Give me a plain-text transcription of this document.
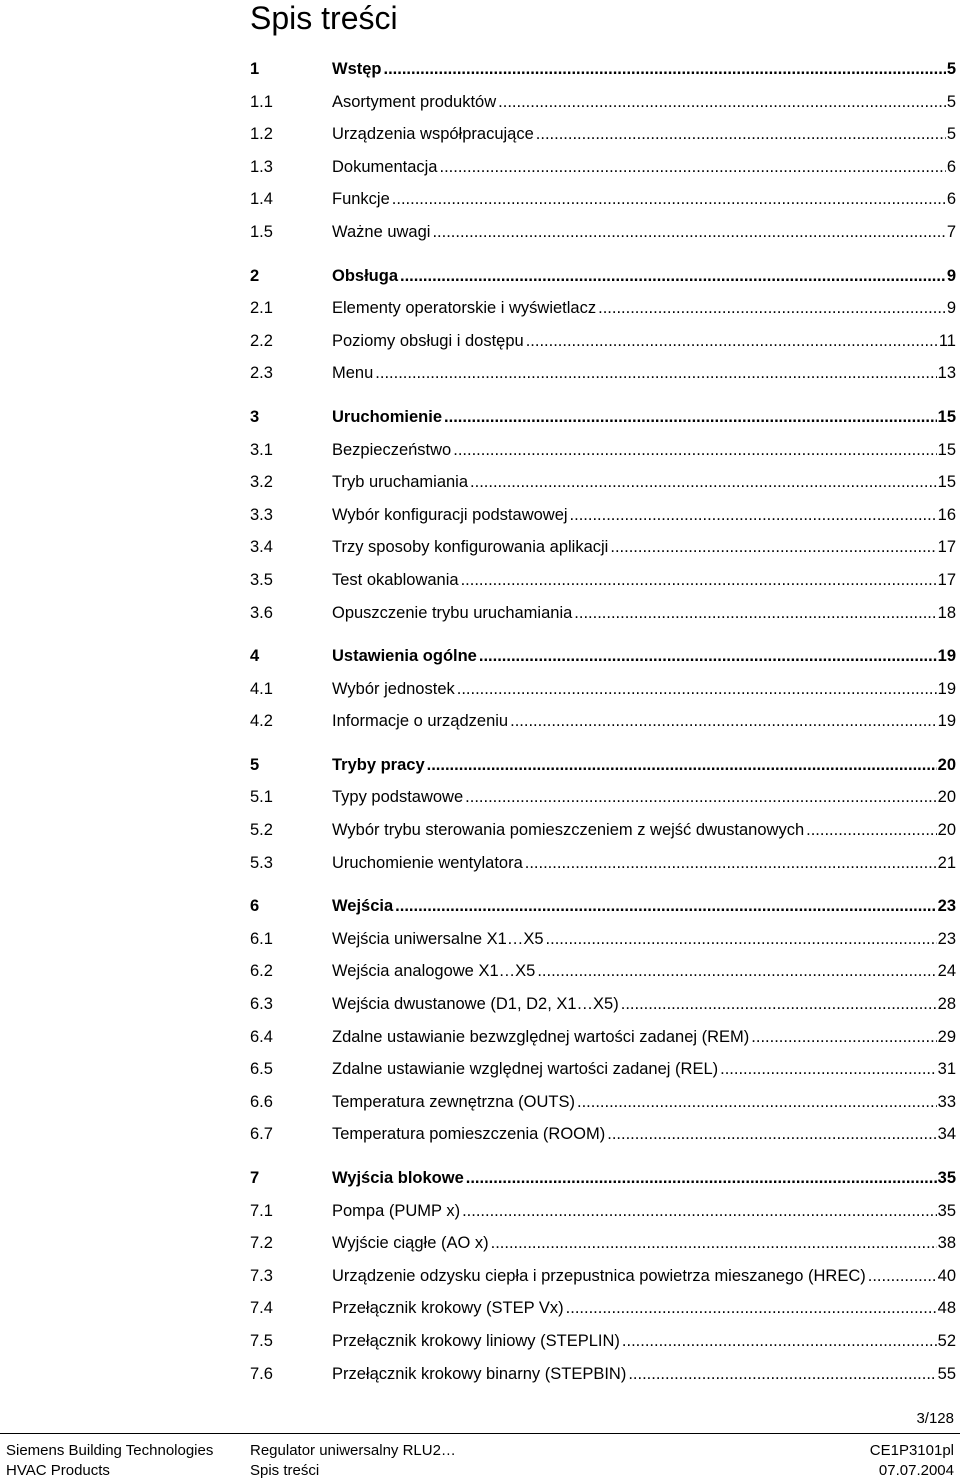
Spis treści
1	Wstęp .....	5
1.1	Asortyment produktów .....	5
1.2	Urządzenia współpracujące .....	5
1.3	Dokumentacja .....	6
1.4	Funkcje .....	6
1.5	Ważne uwagi .....	7
2	Obsługa .....	9
2.1	Elementy operatorskie i wyświetlacz .....	9
2.2	Poziomy obsługi i dostępu .....	11
2.3	Menu .....	13
3	Uruchomienie .....	15
3.1	Bezpieczeństwo .....	15
3.2	Tryb uruchamiania .....	15
3.3	Wybór konfiguracji podstawowej .....	16
3.4	Trzy sposoby konfigurowania aplikacji .....	17
3.5	Test okablowania .....	17
3.6	Opuszczenie trybu uruchamiania .....	18
4	Ustawienia ogólne .....	19
4.1	Wybór jednostek .....	19
4.2	Informacje o urządzeniu .....	19
5	Tryby pracy .....	20
5.1	Typy podstawowe .....	20
5.2	Wybór trybu sterowania pomieszczeniem z wejść dwustanowych .....	20
5.3	Uruchomienie wentylatora .....	21
6	Wejścia .....	23
6.1	Wejścia uniwersalne X1…X5 .....	23
6.2	Wejścia analogowe X1…X5 .....	24
6.3	Wejścia dwustanowe (D1, D2, X1…X5) .....	28
6.4	Zdalne ustawianie bezwzględnej wartości zadanej (REM) .....	29
6.5	Zdalne ustawianie względnej wartości zadanej (REL) .....	31
6.6	Temperatura zewnętrzna (OUTS) .....	33
6.7	Temperatura pomieszczenia (ROOM) .....	34
7	Wyjścia blokowe .....	35
7.1	Pompa (PUMP x) .....	35
7.2	Wyjście ciągłe (AO x) .....	38
7.3	Urządzenie odzysku ciepła i przepustnica powietrza mieszanego (HREC) .....	40
7.4	Przełącznik krokowy (STEP Vx) .....	48
7.5	Przełącznik krokowy liniowy (STEPLIN) .....	52
7.6	Przełącznik krokowy binarny (STEPBIN) .....	55
3/128
Siemens Building Technologies
HVAC Products
Regulator uniwersalny RLU2…
Spis treści
CE1P3101pl
07.07.2004
